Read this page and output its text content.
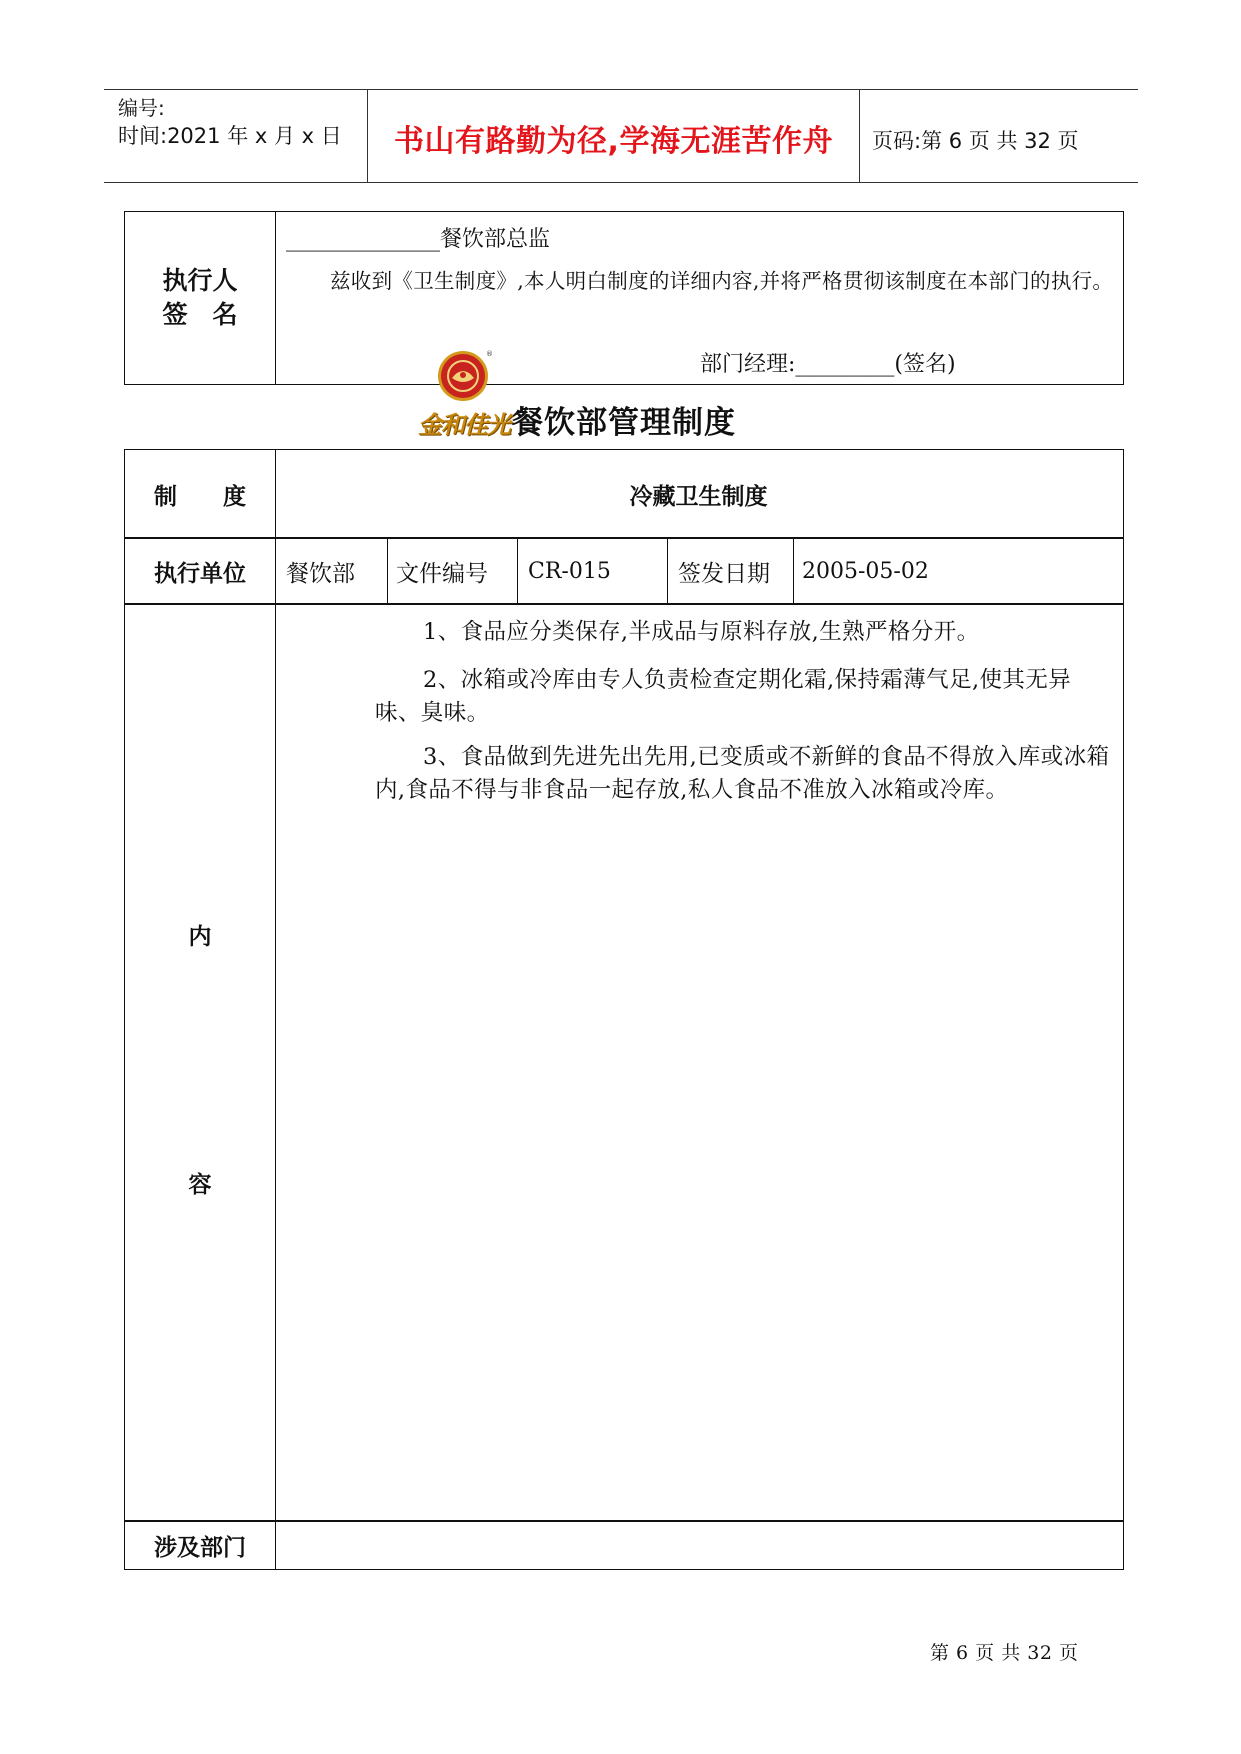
编号:
时间:2021 年 x 月 x 日	书山有路勤为径,学海无涯苦作舟	页码:第 6 页 共 32 页
执行人
签　名
______________餐饮部总监
兹收到《卫生制度》,本人明白制度的详细内容,并将严格贯彻该制度在本部门的执行。
部门经理:_________(签名)
®
金和佳光 餐饮部管理制度
制　　度	冷藏卫生制度
执行单位	餐饮部	文件编号	CR-015	签发日期	2005-05-02
内
容
1、食品应分类保存,半成品与原料存放,生熟严格分开。
2、冰箱或冷库由专人负责检查定期化霜,保持霜薄气足,使其无异味、臭味。
3、食品做到先进先出先用,已变质或不新鲜的食品不得放入库或冰箱内,食品不得与非食品一起存放,私人食品不准放入冰箱或冷库。
涉及部门
第 6 页 共 32 页
